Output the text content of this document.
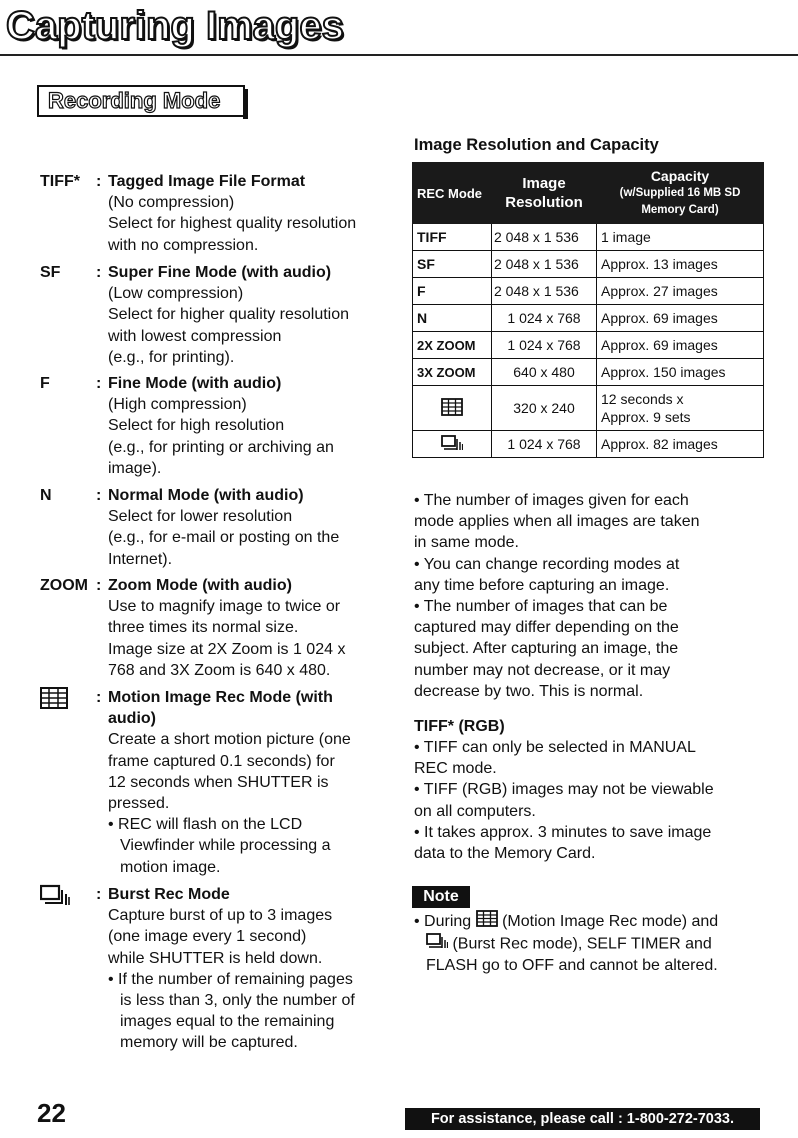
Capturing Images
Recording Mode
TIFF* : Tagged Image File Format
(No compression)
Select for highest quality resolution
with no compression.
SF : Super Fine Mode (with audio)
(Low compression)
Select for higher quality resolution
with lowest compression
(e.g., for printing).
F	: Fine Mode (with audio)
(High compression)
Select for high resolution
(e.g., for printing or archiving an
image).
N	: Normal Mode (with audio)
Select for lower resolution
(e.g., for e-mail or posting on the
Internet).
ZOOM : Zoom Mode (with audio)
Use to magnify image to twice or
three times its normal size.
Image size at 2X Zoom is 1 024 x
768 and 3X Zoom is 640 x 480.
: Motion Image Rec Mode (with
audio)
Create a short motion picture (one
frame captured 0.1 seconds) for
12 seconds when SHUTTER is
pressed.
• REC will flash on the LCD
Viewfinder while processing a
motion image.
: Burst Rec Mode
Capture burst of up to 3 images
(one image every 1 second)
while SHUTTER is held down.
• If the number of remaining pages
is less than 3, only the number of
images equal to the remaining
memory will be captured.
Image Resolution and Capacity
REC Mode	Image
Resolution	Capacity
(w/Supplied 16 MB SD
Memory Card)
TIFF	2 048 x 1 536	1 image
SF	2 048 x 1 536	Approx. 13 images
F	2 048 x 1 536	Approx. 27 images
N	1 024 x 768	Approx. 69 images
2X ZOOM	1 024 x 768	Approx. 69 images
3X ZOOM	640 x 480	Approx. 150 images
	320 x 240	12 seconds x
Approx. 9 sets
	1 024 x 768	Approx. 82 images
• The number of images given for each
mode applies when all images are taken
in same mode.
• You can change recording modes at
any time before capturing an image.
• The number of images that can be
captured may differ depending on the
subject. After capturing an image, the
number may not decrease, or it may
decrease by two. This is normal.
TIFF* (RGB)
• TIFF can only be selected in MANUAL
REC mode.
• TIFF (RGB) images may not be viewable
on all computers.
• It takes approx. 3 minutes to save image
data to the Memory Card.
Note
• During (Motion Image Rec mode) and
(Burst Rec mode), SELF TIMER and
FLASH go to OFF and cannot be altered.
22	For assistance, please call : 1-800-272-7033.
